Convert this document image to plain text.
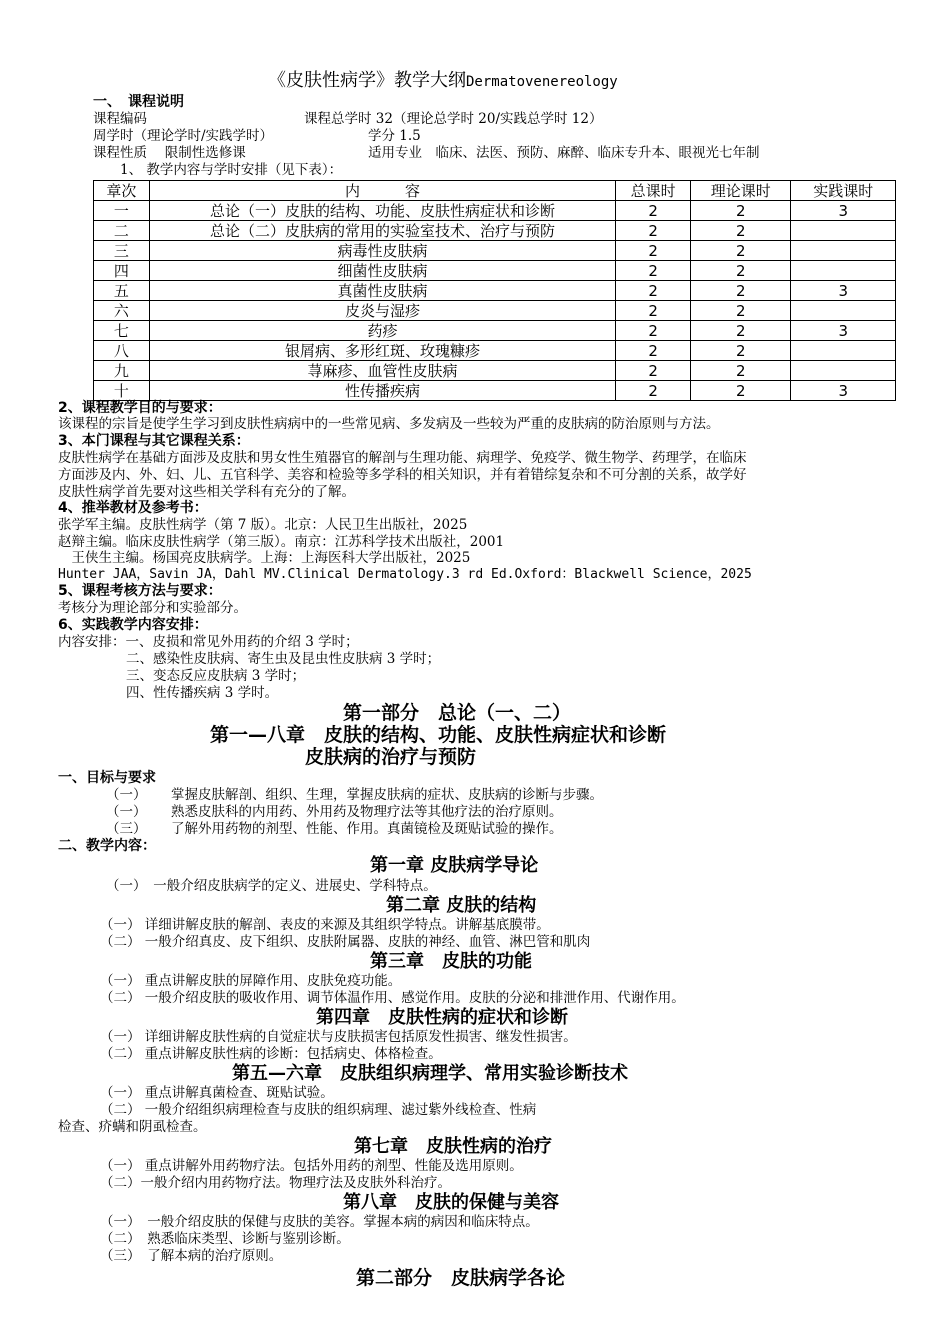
《皮肤性病学》教学大纲Dermatovenereology
一、　课程说明
课程编码	课程总学时 32（理论总学时 20/实践总学时 12）
周学时（理论学时/实践学时）	学分 1.5
课程性质　 限制性选修课	适用专业　临床、法医、预防、麻醉、临床专升本、眼视光七年制
1、 教学内容与学时安排（见下表）：
章次	内　　　容	总课时	理论课时	实践课时
一	总论（一）皮肤的结构、功能、皮肤性病症状和诊断	2	2	3
二	总论（二）皮肤病的常用的实验室技术、治疗与预防	2	2	
三	病毒性皮肤病	2	2	
四	细菌性皮肤病	2	2	
五	真菌性皮肤病	2	2	3
六	皮炎与湿疹	2	2	
七	药疹	2	2	3
八	银屑病、多形红斑、玫瑰糠疹	2	2	
九	荨麻疹、血管性皮肤病	2	2	
十	性传播疾病	2	2	3
2、课程教学目的与要求：
该课程的宗旨是使学生学习到皮肤性病病中的一些常见病、多发病及一些较为严重的皮肤病的防治原则与方法。
3、本门课程与其它课程关系：
皮肤性病学在基础方面涉及皮肤和男女性生殖器官的解剖与生理功能、病理学、免疫学、微生物学、药理学，在临床
方面涉及内、外、妇、儿、五官科学、美容和检验等多学科的相关知识，并有着错综复杂和不可分割的关系，故学好
皮肤性病学首先要对这些相关学科有充分的了解。
4、推举教材及参考书：
张学军主编。皮肤性病学（第 7 版）。北京：人民卫生出版社，2025
赵辩主编。临床皮肤性病学（第三版）。南京：江苏科学技术出版社，2001
　王侠生主编。杨国亮皮肤病学。上海：上海医科大学出版社，2025
Hunter JAA，Savin JA，Dahl MV.Clinical Dermatology.3 rd Ed.Oxford：Blackwell Science，2025
5、课程考核方法与要求：
考核分为理论部分和实验部分。
6、实践教学内容安排：
内容安排：一、皮损和常见外用药的介绍 3 学时；
二、感染性皮肤病、寄生虫及昆虫性皮肤病 3 学时；
三、变态反应皮肤病 3 学时；
四、性传播疾病 3 学时。
第一部分　总论（一、二）
第一—八章　皮肤的结构、功能、皮肤性病症状和诊断
皮肤病的治疗与预防
一、目标与要求
（一）　　 掌握皮肤解剖、组织、生理，掌握皮肤病的症状、皮肤病的诊断与步骤。
（一）　　 熟悉皮肤科的内用药、外用药及物理疗法等其他疗法的治疗原则。
（三）　　 了解外用药物的剂型、性能、作用。真菌镜检及斑贴试验的操作。
二、教学内容：
第一章 皮肤病学导论
（一）　一般介绍皮肤病学的定义、进展史、学科特点。
第二章 皮肤的结构
（一） 详细讲解皮肤的解剖、表皮的来源及其组织学特点。讲解基底膜带。
（二） 一般介绍真皮、皮下组织、皮肤附属器、皮肤的神经、血管、淋巴管和肌肉
第三章　皮肤的功能
（一） 重点讲解皮肤的屏障作用、皮肤免疫功能。
（二） 一般介绍皮肤的吸收作用、调节体温作用、感觉作用。皮肤的分泌和排泄作用、代谢作用。
第四章　皮肤性病的症状和诊断
（一） 详细讲解皮肤性病的自觉症状与皮肤损害包括原发性损害、继发性损害。
（二） 重点讲解皮肤性病的诊断：包括病史、体格检查。
第五—六章　皮肤组织病理学、常用实验诊断技术
（一） 重点讲解真菌检查、斑贴试验。
（二） 一般介绍组织病理检查与皮肤的组织病理、滤过紫外线检查、性病
检查、疥螨和阴虱检查。
第七章　皮肤性病的治疗
（一） 重点讲解外用药物疗法。包括外用药的剂型、性能及选用原则。
（二）一般介绍内用药物疗法。物理疗法及皮肤外科治疗。
第八章　皮肤的保健与美容
（一）　一般介绍皮肤的保健与皮肤的美容。掌握本病的病因和临床特点。
（二）　熟悉临床类型、诊断与鉴别诊断。
（三）　了解本病的治疗原则。
第二部分　皮肤病学各论
